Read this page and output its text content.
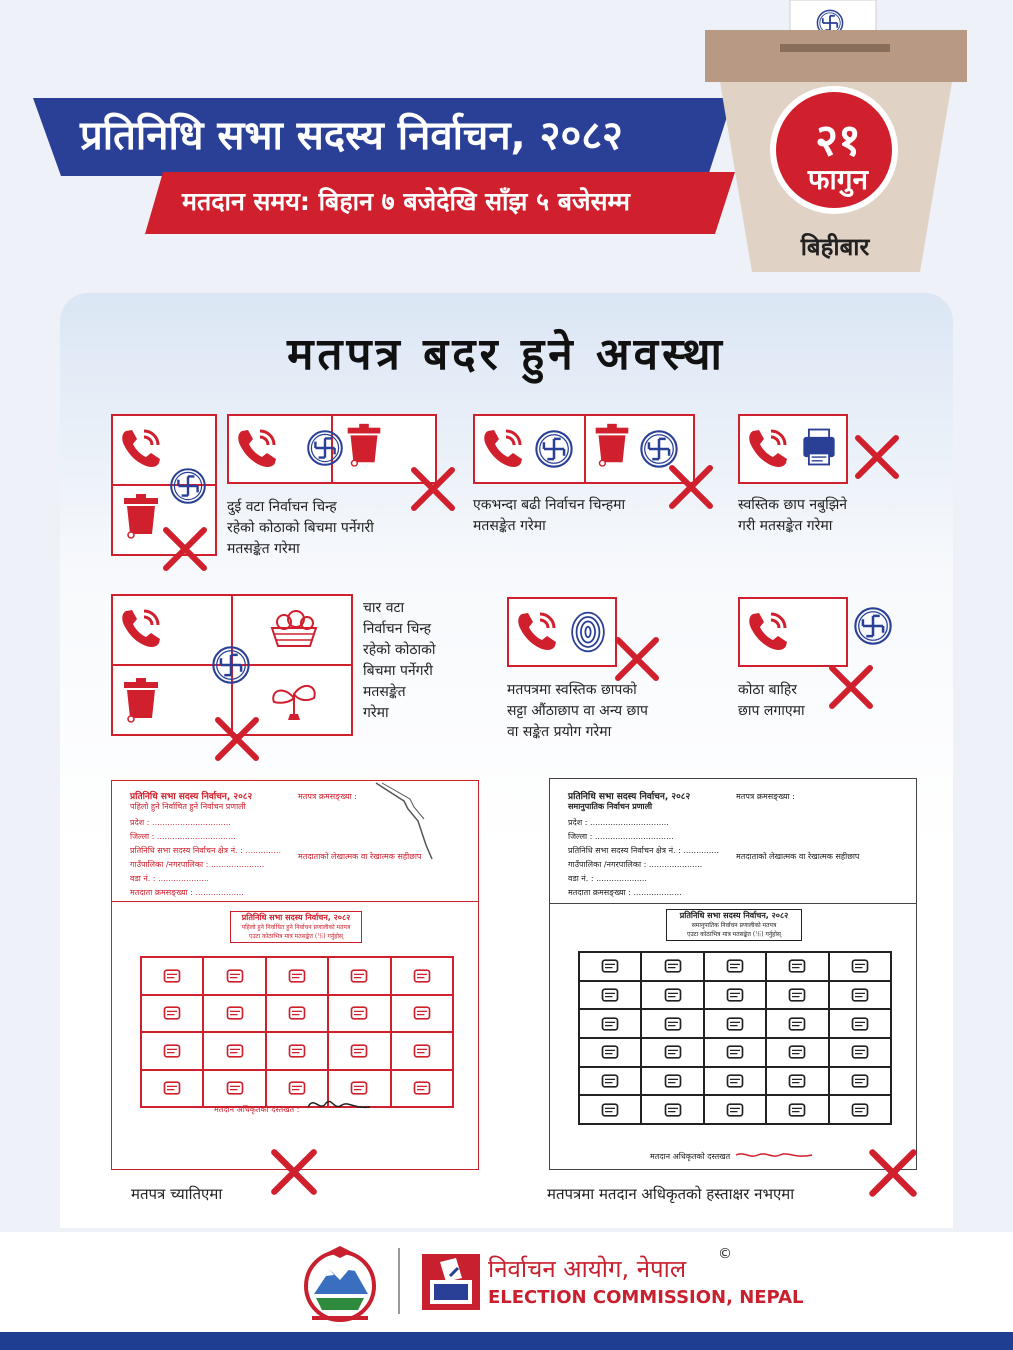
प्रतिनिधि सभा सदस्य निर्वाचन, २०८२
मतदान समय: बिहान ७ बजेदेखि साँझ ५ बजेसम्म
२१
फागुन
बिहीबार
मतपत्र बदर हुने अवस्था
दुई वटा निर्वाचन चिन्ह
रहेको कोठाको बिचमा पर्नेगरी
मतसङ्केत गरेमा
एकभन्दा बढी निर्वाचन चिन्हमा
मतसङ्केत गरेमा
स्वस्तिक छाप नबुझिने
गरी मतसङ्केत गरेमा
चार वटा
निर्वाचन चिन्ह
रहेको कोठाको
बिचमा पर्नेगरी
मतसङ्केत
गरेमा
मतपत्रमा स्वस्तिक छापको
सट्टा औंठाछाप वा अन्य छाप
वा सङ्केत प्रयोग गरेमा
कोठा बाहिर
छाप लगाएमा
प्रतिनिधि सभा सदस्य निर्वाचन, २०८२
पहिलो हुने निर्वाचित हुने निर्वाचन प्रणाली
मतपत्र क्रमसङ्ख्या :
प्रदेश : ...............................
जिल्ला : ...............................
प्रतिनिधि सभा सदस्य निर्वाचन क्षेत्र नं. : ..............
गाउँपालिका /नगरपालिका : .....................
वडा नं. : ....................
मतदाता क्रमसङ्ख्या : ...................
मतदाताको लेखात्मक वा रेखात्मक सहीछाप
प्रतिनिधि सभा सदस्य निर्वाचन, २०८२
पहिलो हुने निर्वाचित हुने निर्वाचन प्रणालीको मतपत्र
एउटा कोठाभित्र मात्र मतसङ्केत (卐) गर्नुहोस्
मतदान अधिकृतको दस्तखत :
मतपत्र च्यातिएमा
प्रतिनिधि सभा सदस्य निर्वाचन, २०८२
समानुपातिक निर्वाचन प्रणाली
मतपत्र क्रमसङ्ख्या :
प्रदेश : ...............................
जिल्ला : ...............................
प्रतिनिधि सभा सदस्य निर्वाचन क्षेत्र नं. : ..............
गाउँपालिका /नगरपालिका : .....................
वडा नं. : ....................
मतदाता क्रमसङ्ख्या : ...................
मतदाताको लेखात्मक वा रेखात्मक सहीछाप
प्रतिनिधि सभा सदस्य निर्वाचन, २०८२
समानुपातिक निर्वाचन प्रणालीको मतपत्र
एउटा कोठाभित्र मात्र मतसङ्केत (卐) गर्नुहोस्
मतदान अधिकृतको दस्तखत
मतपत्रमा मतदान अधिकृतको हस्ताक्षर नभएमा
निर्वाचन आयोग, नेपाल
ELECTION COMMISSION, NEPAL
©
